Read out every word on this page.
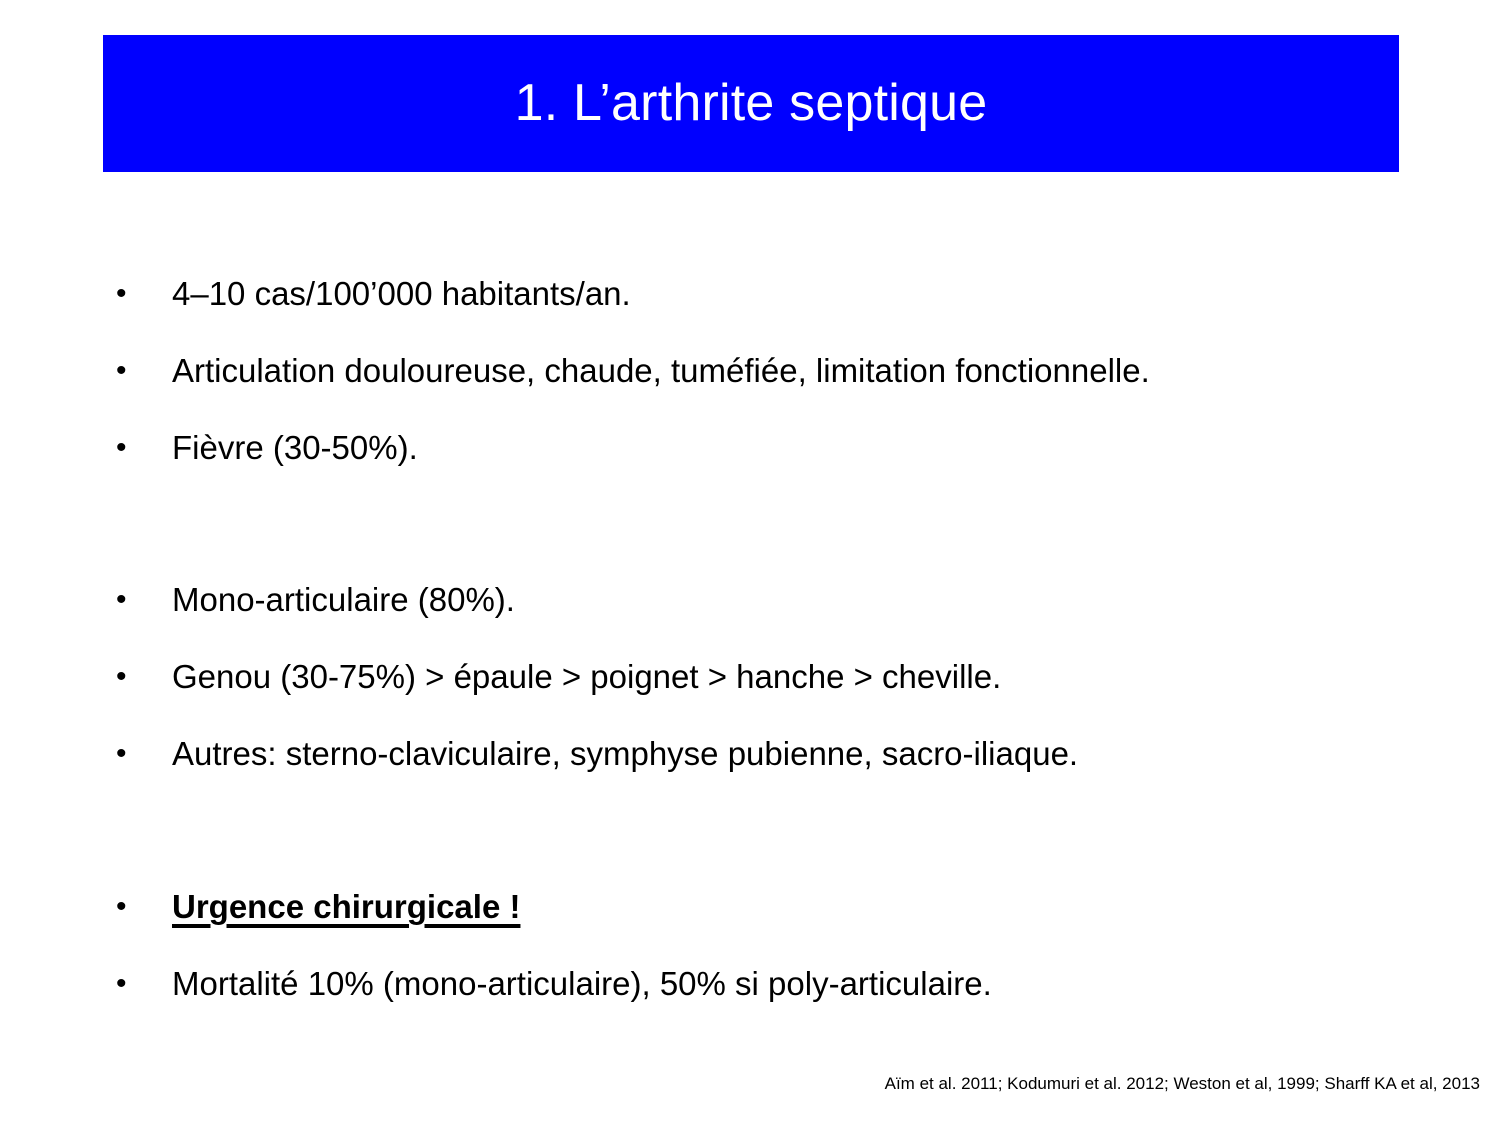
1. L’arthrite septique
•	4–10 cas/100’000 habitants/an.
•	Articulation douloureuse, chaude, tuméfiée, limitation fonctionnelle.
•	Fièvre (30-50%).
•	Mono-articulaire (80%).
•	Genou (30-75%) > épaule > poignet > hanche > cheville.
•	Autres: sterno-claviculaire, symphyse pubienne, sacro-iliaque.
•	Urgence chirurgicale !
•	Mortalité 10% (mono-articulaire), 50% si poly-articulaire.
Aïm et al. 2011; Kodumuri et al. 2012; Weston et al, 1999; Sharff KA et al, 2013
